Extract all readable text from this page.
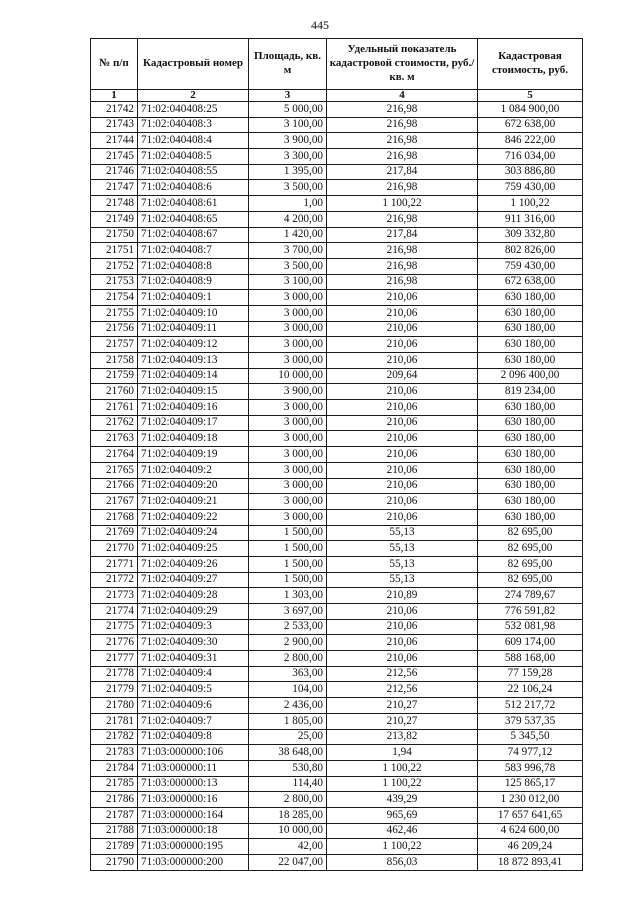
445
№ п/п	Кадастровый номер	Площадь, кв. м	Удельный показатель кадастровой стоимости, руб./кв. м	Кадастровая стоимость, руб.
1	2	3	4	5
21742	71:02:040408:25	5 000,00	216,98	1 084 900,00
21743	71:02:040408:3	3 100,00	216,98	672 638,00
21744	71:02:040408:4	3 900,00	216,98	846 222,00
21745	71:02:040408:5	3 300,00	216,98	716 034,00
21746	71:02:040408:55	1 395,00	217,84	303 886,80
21747	71:02:040408:6	3 500,00	216,98	759 430,00
21748	71:02:040408:61	1,00	1 100,22	1 100,22
21749	71:02:040408:65	4 200,00	216,98	911 316,00
21750	71:02:040408:67	1 420,00	217,84	309 332,80
21751	71:02:040408:7	3 700,00	216,98	802 826,00
21752	71:02:040408:8	3 500,00	216,98	759 430,00
21753	71:02:040408:9	3 100,00	216,98	672 638,00
21754	71:02:040409:1	3 000,00	210,06	630 180,00
21755	71:02:040409:10	3 000,00	210,06	630 180,00
21756	71:02:040409:11	3 000,00	210,06	630 180,00
21757	71:02:040409:12	3 000,00	210,06	630 180,00
21758	71:02:040409:13	3 000,00	210,06	630 180,00
21759	71:02:040409:14	10 000,00	209,64	2 096 400,00
21760	71:02:040409:15	3 900,00	210,06	819 234,00
21761	71:02:040409:16	3 000,00	210,06	630 180,00
21762	71:02:040409:17	3 000,00	210,06	630 180,00
21763	71:02:040409:18	3 000,00	210,06	630 180,00
21764	71:02:040409:19	3 000,00	210,06	630 180,00
21765	71:02:040409:2	3 000,00	210,06	630 180,00
21766	71:02:040409:20	3 000,00	210,06	630 180,00
21767	71:02:040409:21	3 000,00	210,06	630 180,00
21768	71:02:040409:22	3 000,00	210,06	630 180,00
21769	71:02:040409:24	1 500,00	55,13	82 695,00
21770	71:02:040409:25	1 500,00	55,13	82 695,00
21771	71:02:040409:26	1 500,00	55,13	82 695,00
21772	71:02:040409:27	1 500,00	55,13	82 695,00
21773	71:02:040409:28	1 303,00	210,89	274 789,67
21774	71:02:040409:29	3 697,00	210,06	776 591,82
21775	71:02:040409:3	2 533,00	210,06	532 081,98
21776	71:02:040409:30	2 900,00	210,06	609 174,00
21777	71:02:040409:31	2 800,00	210,06	588 168,00
21778	71:02:040409:4	363,00	212,56	77 159,28
21779	71:02:040409:5	104,00	212,56	22 106,24
21780	71:02:040409:6	2 436,00	210,27	512 217,72
21781	71:02:040409:7	1 805,00	210,27	379 537,35
21782	71:02:040409:8	25,00	213,82	5 345,50
21783	71:03:000000:106	38 648,00	1,94	74 977,12
21784	71:03:000000:11	530,80	1 100,22	583 996,78
21785	71:03:000000:13	114,40	1 100,22	125 865,17
21786	71:03:000000:16	2 800,00	439,29	1 230 012,00
21787	71:03:000000:164	18 285,00	965,69	17 657 641,65
21788	71:03:000000:18	10 000,00	462,46	4 624 600,00
21789	71:03:000000:195	42,00	1 100,22	46 209,24
21790	71:03:000000:200	22 047,00	856,03	18 872 893,41
